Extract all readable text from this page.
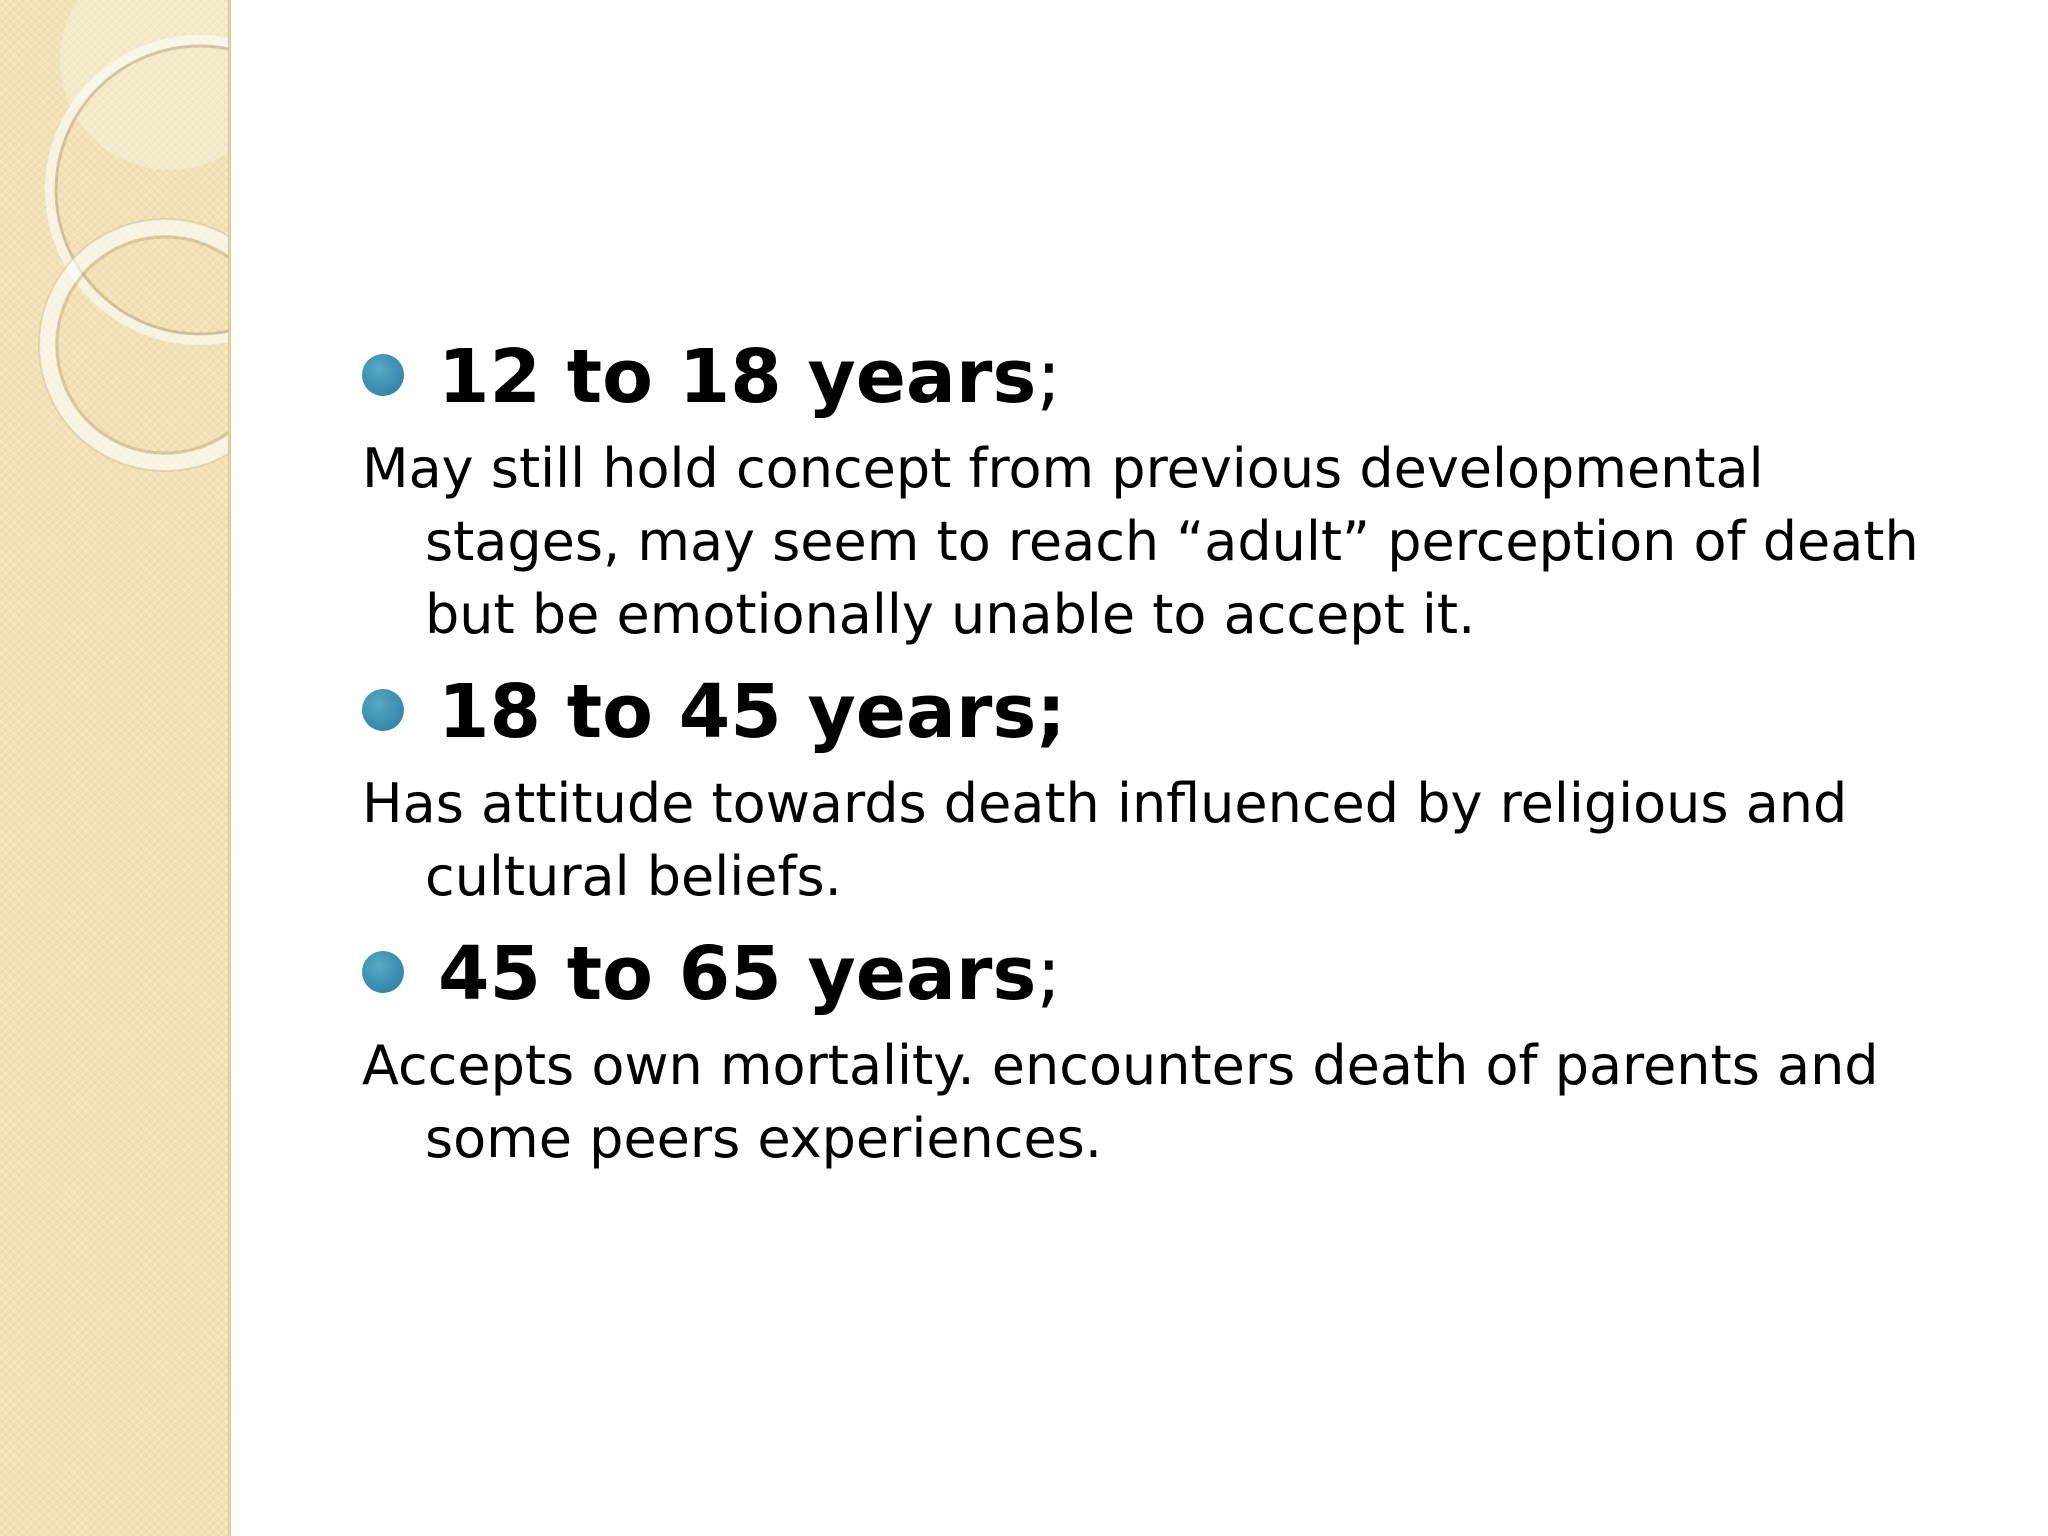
12 to 18 years;
May still hold concept from previous developmental stages, may seem to reach “adult” perception of death but be emotionally unable to accept it.
18 to 45 years;
Has attitude towards death influenced by religious and cultural beliefs.
45 to 65 years;
Accepts own mortality. encounters death of parents and some peers experiences.
